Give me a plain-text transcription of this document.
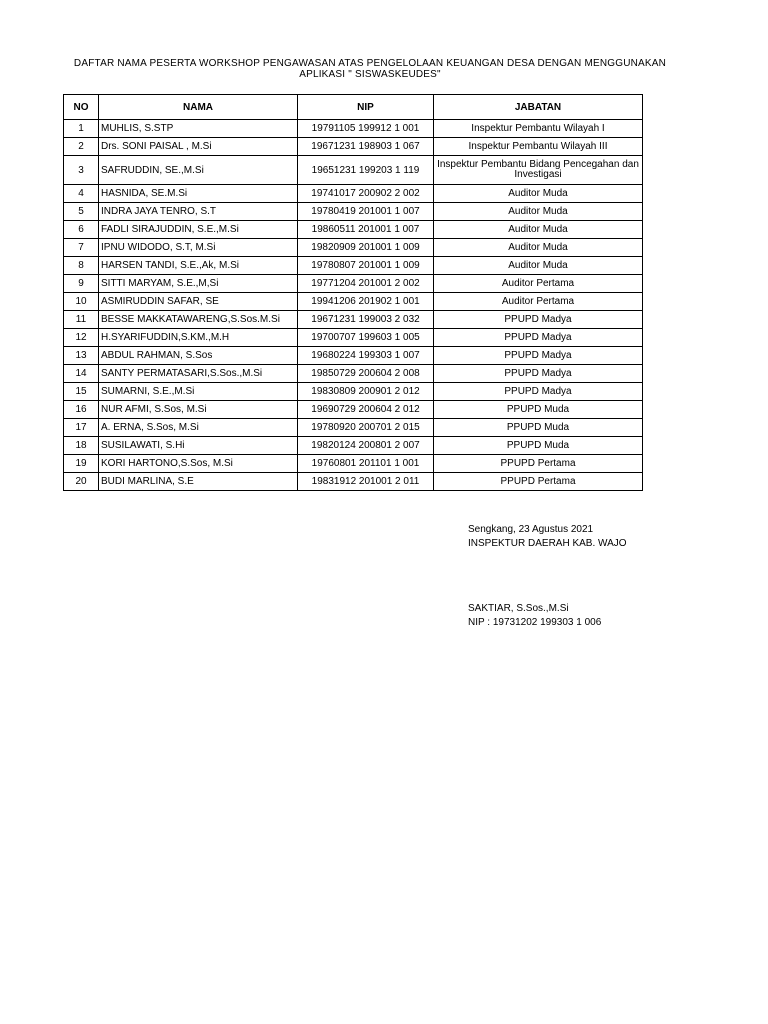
DAFTAR NAMA PESERTA WORKSHOP PENGAWASAN ATAS PENGELOLAAN KEUANGAN DESA DENGAN MENGGUNAKAN
APLIKASI " SISWASKEUDES"
NO	NAMA	NIP	JABATAN
1	MUHLIS, S.STP	19791105 199912 1 001	Inspektur Pembantu Wilayah I
2	Drs. SONI PAISAL , M.Si	19671231 198903 1 067	Inspektur Pembantu Wilayah III
3	SAFRUDDIN, SE.,M.Si	19651231 199203 1 119	Inspektur Pembantu Bidang Pencegahan dan Investigasi
4	HASNIDA, SE.M.Si	19741017 200902 2 002	Auditor Muda
5	INDRA JAYA TENRO, S.T	19780419 201001 1 007	Auditor Muda
6	FADLI SIRAJUDDIN, S.E.,M.Si	19860511 201001 1 007	Auditor Muda
7	IPNU WIDODO, S.T, M.Si	19820909 201001 1 009	Auditor Muda
8	HARSEN TANDI, S.E.,Ak, M.Si	19780807 201001 1 009	Auditor Muda
9	SITTI MARYAM, S.E.,M,Si	19771204 201001 2 002	Auditor Pertama
10	ASMIRUDDIN SAFAR, SE	19941206 201902 1 001	Auditor Pertama
11	BESSE MAKKATAWARENG,S.Sos.M.Si	19671231 199003 2 032	PPUPD Madya
12	H.SYARIFUDDIN,S.KM.,M.H	19700707 199603 1 005	PPUPD Madya
13	ABDUL RAHMAN, S.Sos	19680224 199303 1 007	PPUPD Madya
14	SANTY PERMATASARI,S.Sos.,M.Si	19850729 200604 2 008	PPUPD Madya
15	SUMARNI, S.E.,M.Si	19830809 200901 2 012	PPUPD Madya
16	NUR AFMI, S.Sos, M.Si	19690729 200604 2 012	PPUPD Muda
17	A. ERNA, S.Sos, M.Si	19780920 200701 2 015	PPUPD Muda
18	SUSILAWATI, S.Hi	19820124 200801 2 007	PPUPD Muda
19	KORI HARTONO,S.Sos, M.Si	19760801 201101 1 001	PPUPD Pertama
20	BUDI MARLINA, S.E	19831912 201001 2 011	PPUPD Pertama
Sengkang, 23 Agustus 2021
INSPEKTUR DAERAH KAB. WAJO
SAKTIAR, S.Sos.,M.Si
NIP : 19731202 199303 1 006
